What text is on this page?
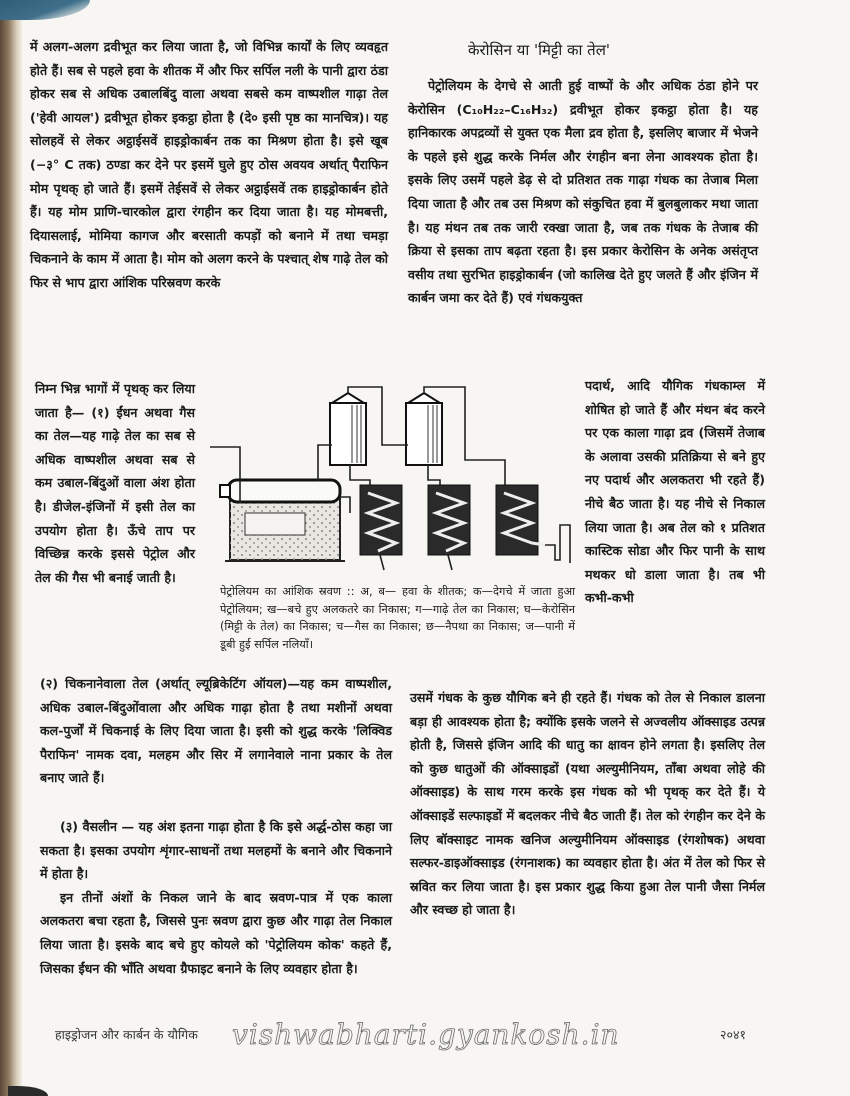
में अलग-अलग द्रवीभूत कर लिया जाता है, जो विभिन्न कार्यों के लिए व्यवहृत होते हैं। सब से पहले हवा के शीतक में और फिर सर्पिल नली के पानी द्वारा ठंडा होकर सब से अधिक उबालबिंदु वाला अथवा सबसे कम वाष्पशील गाढ़ा तेल ('हेवी आयल') द्रवीभूत होकर इकट्ठा होता है (दे० इसी पृष्ठ का मानचित्र)। यह सोलहवें से लेकर अट्ठाईसवें हाइड्रोकार्बन तक का मिश्रण होता है। इसे खूब (−३° C तक) ठण्डा कर देने पर इसमें घुले हुए ठोस अवयव अर्थात् पैराफिन मोम पृथक् हो जाते हैं। इसमें तेईसवें से लेकर अट्ठाईसवें तक हाइड्रोकार्बन होते हैं। यह मोम प्राणि-चारकोल द्वारा रंगहीन कर दिया जाता है। यह मोमबत्ती, दियासलाई, मोमिया कागज और बरसाती कपड़ों को बनाने में तथा चमड़ा चिकनाने के काम में आता है। मोम को अलग करने के पश्चात् शेष गाढ़े तेल को फिर से भाप द्वारा आंशिक परिस्रवण करके

केरोसिन या 'मिट्टी का तेल'

पेट्रोलियम के देगचे से आती हुई वाष्पों के और अधिक ठंडा होने पर केरोसिन (C₁₀H₂₂–C₁₆H₃₂) द्रवीभूत होकर इकट्ठा होता है। यह हानिकारक अपद्रव्यों से युक्त एक मैला द्रव होता है, इसलिए बाजार में भेजने के पहले इसे शुद्ध करके निर्मल और रंगहीन बना लेना आवश्यक होता है। इसके लिए उसमें पहले डेढ़ से दो प्रतिशत तक गाढ़ा गंधक का तेजाब मिला दिया जाता है और तब उस मिश्रण को संकुचित हवा में बुलबुलाकर मथा जाता है। यह मंथन तब तक जारी रक्खा जाता है, जब तक गंधक के तेजाब की क्रिया से इसका ताप बढ़ता रहता है। इस प्रकार केरोसिन के अनेक असंतृप्त वसीय तथा सुरभित हाइड्रोकार्बन (जो कालिख देते हुए जलते हैं और इंजिन में कार्बन जमा कर देते हैं) एवं गंधकयुक्त

निम्न भिन्न भागों में पृथक् कर लिया जाता है— (१) ईंधन अथवा गैस का तेल—यह गाढ़े तेल का सब से अधिक वाष्पशील अथवा सब से कम उबाल-बिंदुओं वाला अंश होता है। डीजेल-इंजिनों में इसी तेल का उपयोग होता है। ऊँचे ताप पर विच्छिन्न करके इससे पेट्रोल और तेल की गैस भी बनाई जाती है।

पदार्थ, आदि यौगिक गंधकाम्ल में शोषित हो जाते हैं और मंथन बंद करने पर एक काला गाढ़ा द्रव (जिसमें तेजाब के अलावा उसकी प्रतिक्रिया से बने हुए नए पदार्थ और अलकतरा भी रहते हैं) नीचे बैठ जाता है। यह नीचे से निकाल लिया जाता है। अब तेल को १ प्रतिशत कास्टिक सोडा और फिर पानी के साथ मथकर धो डाला जाता है। तब भी कभी-कभी

पेट्रोलियम का आंशिक स्रवण :: अ, ब— हवा के शीतक; क—देगचे में जाता हुआ पेट्रोलियम; ख—बचे हुए अलकतरे का निकास; ग—गाढ़े तेल का निकास; घ—केरोसिन (मिट्टी के तेल) का निकास; च—गैस का निकास; छ—नैपथा का निकास; ज—पानी में डूबी हुई सर्पिल नलियाँ।

(२) चिकनानेवाला तेल (अर्थात् ल्यूब्रिकेटिंग ऑयल)—यह कम वाष्पशील, अधिक उबाल-बिंदुओंवाला और अधिक गाढ़ा होता है तथा मशीनों अथवा कल-पुर्जों में चिकनाई के लिए दिया जाता है। इसी को शुद्ध करके 'लिक्विड पैराफिन' नामक दवा, मलहम और सिर में लगानेवाले नाना प्रकार के तेल बनाए जाते हैं।

(३) वैसलीन — यह अंश इतना गाढ़ा होता है कि इसे अर्द्ध-ठोस कहा जा सकता है। इसका उपयोग शृंगार-साधनों तथा मलहमों के बनाने और चिकनाने में होता है।

इन तीनों अंशों के निकल जाने के बाद स्रवण-पात्र में एक काला अलकतरा बचा रहता है, जिससे पुनः स्रवण द्वारा कुछ और गाढ़ा तेल निकाल लिया जाता है। इसके बाद बचे हुए कोयले को 'पेट्रोलियम कोक' कहते हैं, जिसका ईंधन की भाँति अथवा ग्रैफाइट बनाने के लिए व्यवहार होता है।

उसमें गंधक के कुछ यौगिक बने ही रहते हैं। गंधक को तेल से निकाल डालना बड़ा ही आवश्यक होता है; क्योंकि इसके जलने से अज्वलीय ऑक्साइड उत्पन्न होती है, जिससे इंजिन आदि की धातु का क्षावन होने लगता है। इसलिए तेल को कुछ धातुओं की ऑक्साइडों (यथा अल्युमीनियम, ताँबा अथवा लोहे की ऑक्साइड) के साथ गरम करके इस गंधक को भी पृथक् कर देते हैं। ये ऑक्साइडें सल्फाइडों में बदलकर नीचे बैठ जाती हैं। तेल को रंगहीन कर देने के लिए बॉक्साइट नामक खनिज अल्युमीनियम ऑक्साइड (रंगशोषक) अथवा सल्फर-डाइऑक्साइड (रंगनाशक) का व्यवहार होता है। अंत में तेल को फिर से स्रवित कर लिया जाता है। इस प्रकार शुद्ध किया हुआ तेल पानी जैसा निर्मल और स्वच्छ हो जाता है।

हाइड्रोजन और कार्बन के यौगिक	२०४१

vishwabharti.gyankosh.in
